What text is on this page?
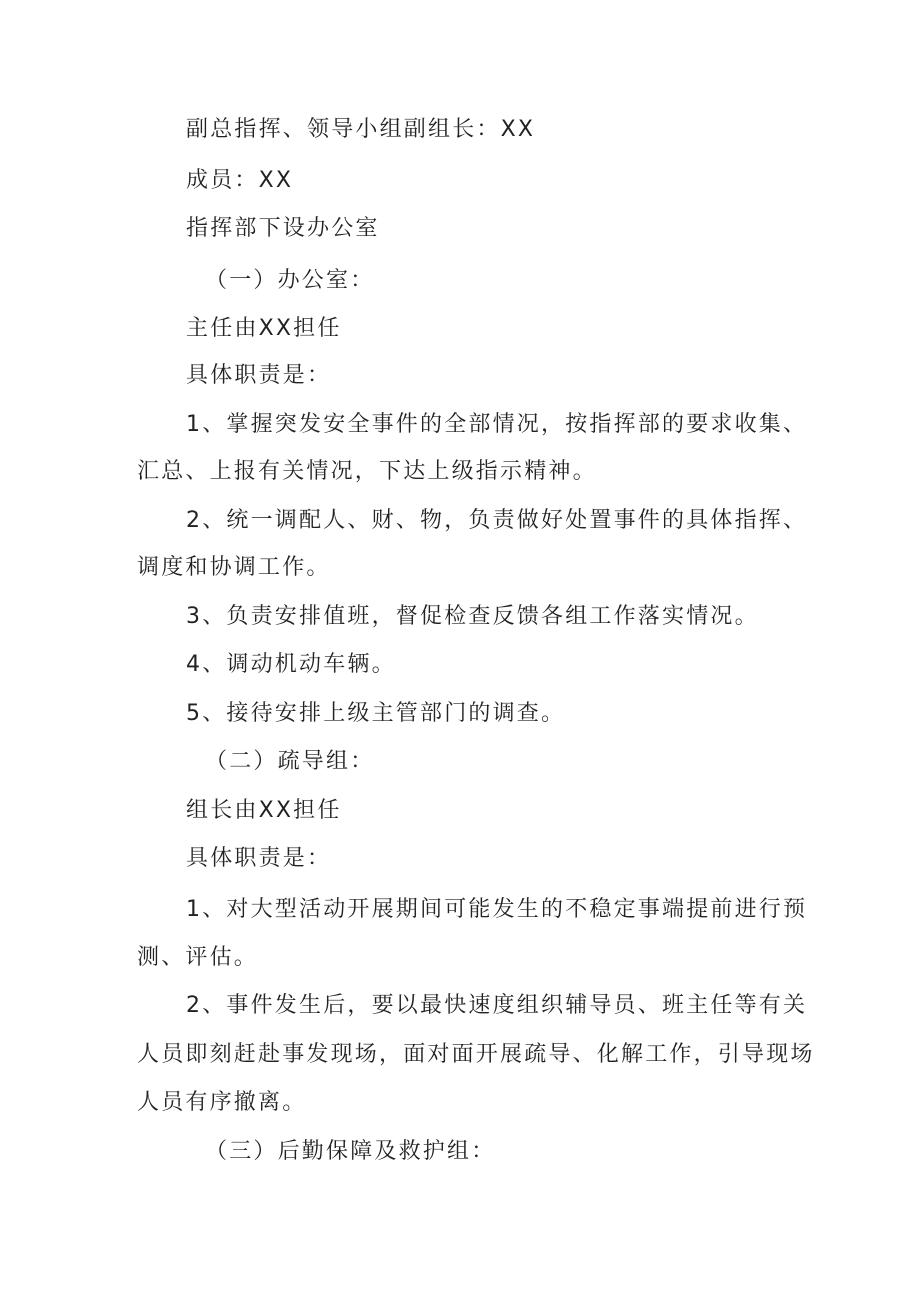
副总指挥、领导小组副组长：XX
成员：XX
指挥部下设办公室
（一）办公室：
主任由XX担任
具体职责是：
1、掌握突发安全事件的全部情况，按指挥部的要求收集、
汇总、上报有关情况，下达上级指示精神。
2、统一调配人、财、物，负责做好处置事件的具体指挥、
调度和协调工作。
3、负责安排值班，督促检查反馈各组工作落实情况。
4、调动机动车辆。
5、接待安排上级主管部门的调查。
（二）疏导组：
组长由XX担任
具体职责是：
1、对大型活动开展期间可能发生的不稳定事端提前进行预
测、评估。
2、事件发生后，要以最快速度组织辅导员、班主任等有关
人员即刻赶赴事发现场，面对面开展疏导、化解工作，引导现场
人员有序撤离。
（三）后勤保障及救护组：
